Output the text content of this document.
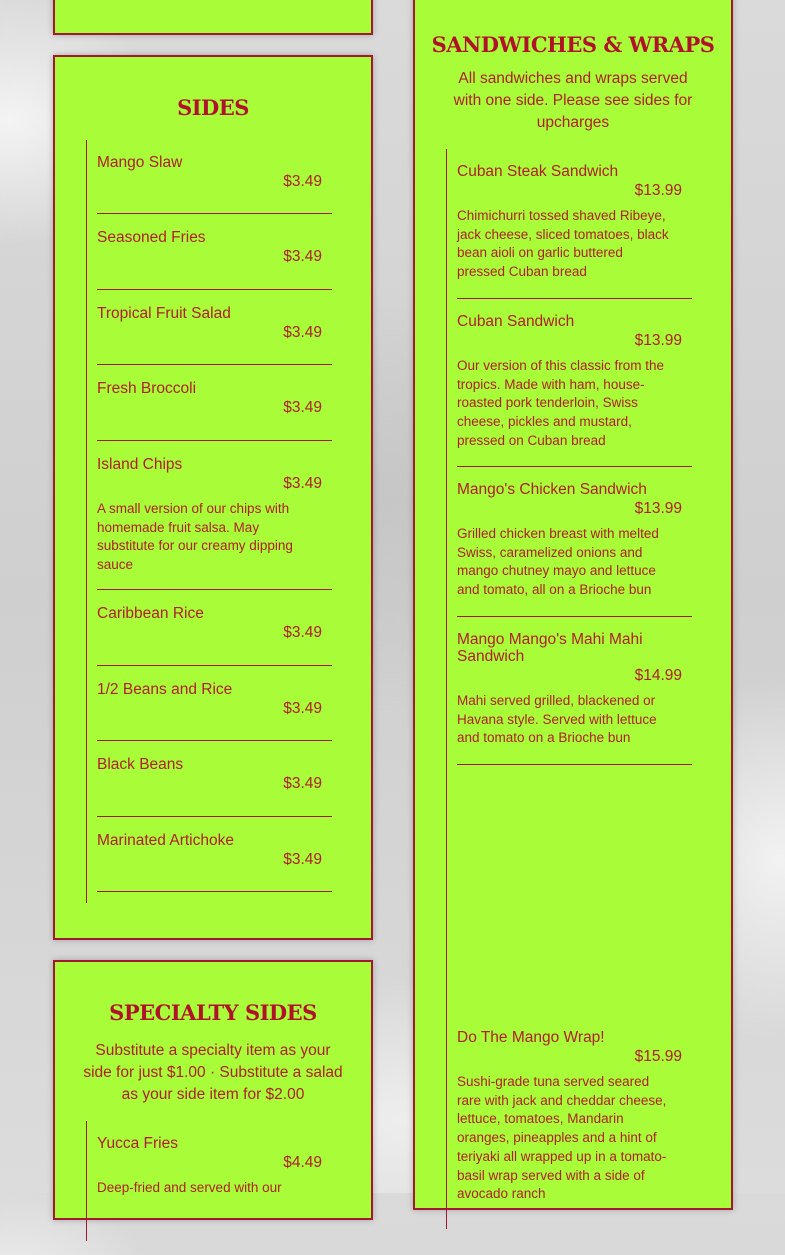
SIDES
Mango Slaw
$3.49
Seasoned Fries
$3.49
Tropical Fruit Salad
$3.49
Fresh Broccoli
$3.49
Island Chips
$3.49
A small version of our chips with homemade fruit salsa. May substitute for our creamy dipping sauce
Caribbean Rice
$3.49
1/2 Beans and Rice
$3.49
Black Beans
$3.49
Marinated Artichoke
$3.49
SPECIALTY SIDES
Substitute a specialty item as your side for just $1.00 · Substitute a salad as your side item for $2.00
Yucca Fries
$4.49
Deep-fried and served with our
SANDWICHES & WRAPS
All sandwiches and wraps served with one side. Please see sides for upcharges
Cuban Steak Sandwich
$13.99
Chimichurri tossed shaved Ribeye, jack cheese, sliced tomatoes, black bean aioli on garlic buttered pressed Cuban bread
Cuban Sandwich
$13.99
Our version of this classic from the tropics. Made with ham, house-roasted pork tenderloin, Swiss cheese, pickles and mustard, pressed on Cuban bread
Mango's Chicken Sandwich
$13.99
Grilled chicken breast with melted Swiss, caramelized onions and mango chutney mayo and lettuce and tomato, all on a Brioche bun
Mango Mango's Mahi Mahi Sandwich
$14.99
Mahi served grilled, blackened or Havana style. Served with lettuce and tomato on a Brioche bun
Do The Mango Wrap!
$15.99
Sushi-grade tuna served seared rare with jack and cheddar cheese, lettuce, tomatoes, Mandarin oranges, pineapples and a hint of teriyaki all wrapped up in a tomato-basil wrap served with a side of avocado ranch
